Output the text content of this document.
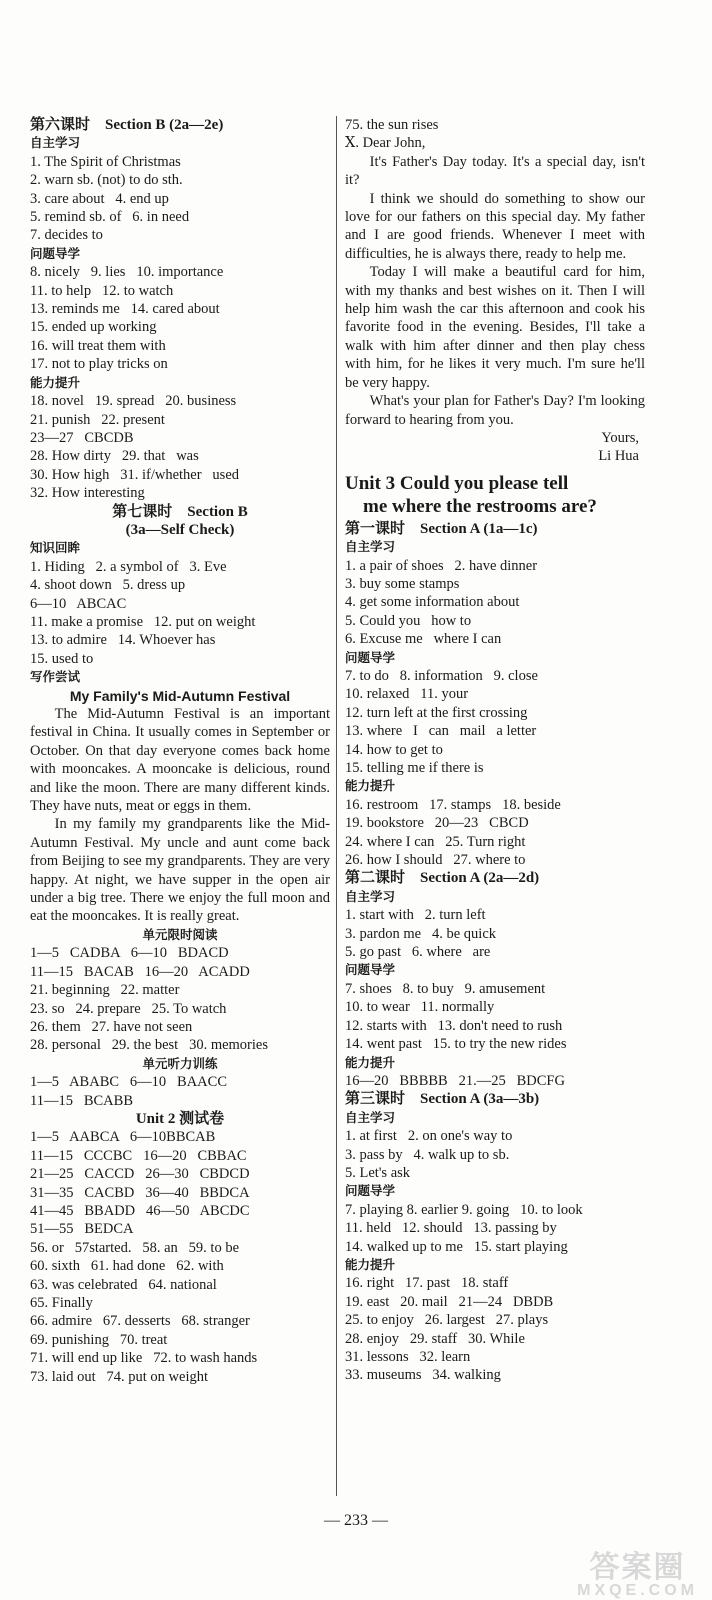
第六课时　Section B (2a—2e)
自主学习
1. The Spirit of Christmas
2. warn sb. (not) to do sth.
3. care about   4. end up
5. remind sb. of   6. in need
7. decides to
问题导学
8. nicely   9. lies   10. importance
11. to help   12. to watch
13. reminds me   14. cared about
15. ended up working
16. will treat them with
17. not to play tricks on
能力提升
18. novel   19. spread   20. business
21. punish   22. present
23—27   CBCDB
28. How dirty   29. that   was
30. How high   31. if/whether   used
32. How interesting
第七课时　Section B
(3a—Self Check)
知识回眸
1. Hiding   2. a symbol of   3. Eve
4. shoot down   5. dress up
6—10   ABCAC
11. make a promise   12. put on weight
13. to admire   14. Whoever has
15. used to
写作尝试
My Family's Mid-Autumn Festival

The Mid-Autumn Festival is an important festival in China. It usually comes in September or October. On that day everyone comes back home with mooncakes. A mooncake is delicious, round and like the moon. There are many different kinds. They have nuts, meat or eggs in them.

In my family my grandparents like the Mid-Autumn Festival. My uncle and aunt come back from Beijing to see my grandparents. They are very happy. At night, we have supper in the open air under a big tree. There we enjoy the full moon and eat the mooncakes. It is really great.

单元限时阅读
1—5   CADBA   6—10   BDACD
11—15   BACAB   16—20   ACADD
21. beginning   22. matter
23. so   24. prepare   25. To watch
26. them   27. have not seen
28. personal   29. the best   30. memories
单元听力训练
1—5   ABABC   6—10   BAACC
11—15   BCABB
Unit 2 测试卷
1—5   AABCA   6—10BBCAB
11—15   CCCBC   16—20   CBBAC
21—25   CACCD   26—30   CBDCD
31—35   CACBD   36—40   BBDCA
41—45   BBADD   46—50   ABCDC
51—55   BEDCA
56. or   57started.   58. an   59. to be
60. sixth   61. had done   62. with
63. was celebrated   64. national
65. Finally
66. admire   67. desserts   68. stranger
69. punishing   70. treat
71. will end up like   72. to wash hands
73. laid out   74. put on weight
75. the sun rises
Ⅹ. Dear John,

It's Father's Day today. It's a special day, isn't it?

I think we should do something to show our love for our fathers on this special day. My father and I are good friends. Whenever I meet with difficulties, he is always there, ready to help me.

Today I will make a beautiful card for him, with my thanks and best wishes on it. Then I will help him wash the car this afternoon and cook his favorite food in the evening. Besides, I'll take a walk with him after dinner and then play chess with him, for he likes it very much. I'm sure he'll be very happy.

What's your plan for Father's Day? I'm looking forward to hearing from you.

Yours,
Li Hua
Unit 3 Could you please tell
me where the restrooms are?
第一课时　Section A (1a—1c)
自主学习
1. a pair of shoes   2. have dinner
3. buy some stamps
4. get some information about
5. Could you   how to
6. Excuse me   where I can
问题导学
7. to do   8. information   9. close
10. relaxed   11. your
12. turn left at the first crossing
13. where   I   can   mail   a letter
14. how to get to
15. telling me if there is
能力提升
16. restroom   17. stamps   18. beside
19. bookstore   20—23   CBCD
24. where I can   25. Turn right
26. how I should   27. where to
第二课时　Section A (2a—2d)
自主学习
1. start with   2. turn left
3. pardon me   4. be quick
5. go past   6. where   are
问题导学
7. shoes   8. to buy   9. amusement
10. to wear   11. normally
12. starts with   13. don't need to rush
14. went past   15. to try the new rides
能力提升
16—20   BBBBB   21.—25   BDCFG
第三课时　Section A (3a—3b)
自主学习
1. at first   2. on one's way to
3. pass by   4. walk up to sb.
5. Let's ask
问题导学
7. playing 8. earlier 9. going   10. to look
11. held   12. should   13. passing by
14. walked up to me   15. start playing
能力提升
16. right   17. past   18. staff
19. east   20. mail   21—24   DBDB
25. to enjoy   26. largest   27. plays
28. enjoy   29. staff   30. While
31. lessons   32. learn
33. museums   34. walking
— 233 —
答案圈
MXQE.COM
